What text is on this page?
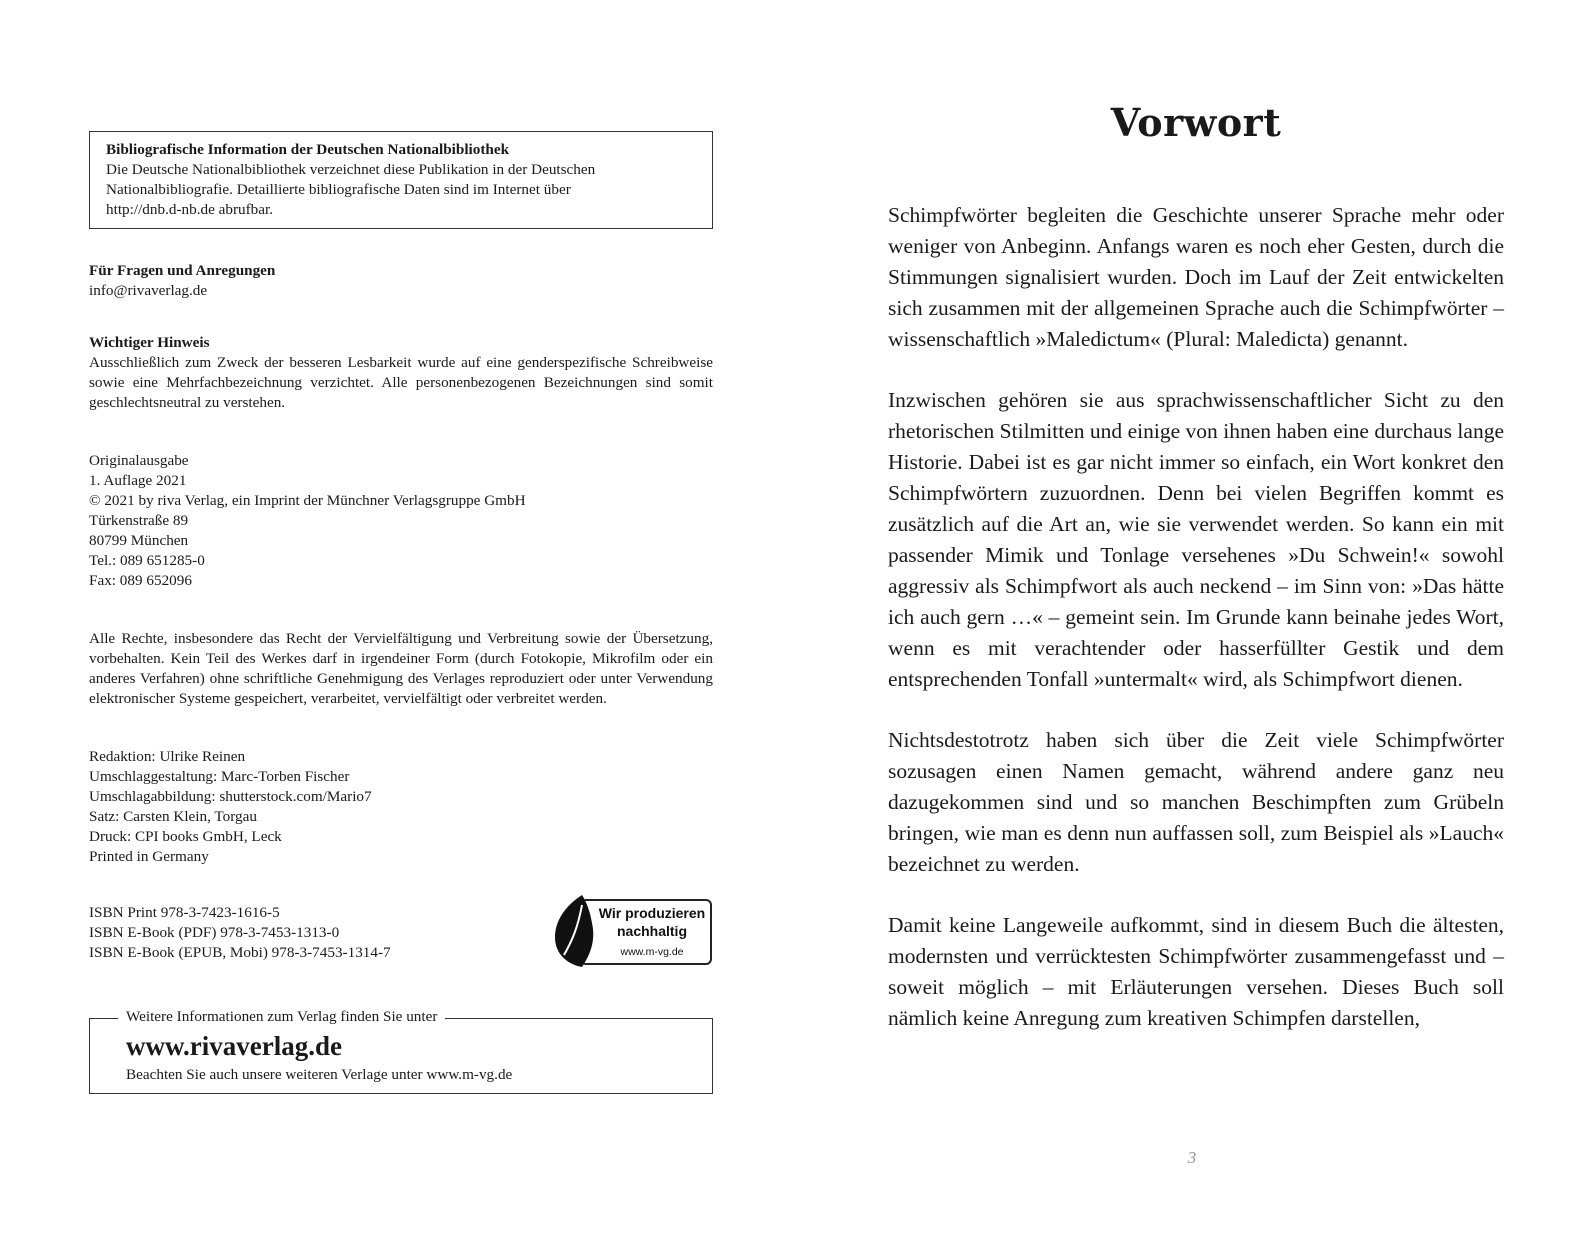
Bibliografische Information der Deutschen Nationalbibliothek

Die Deutsche Nationalbibliothek verzeichnet diese Publikation in der Deutschen

Nationalbibliografie. Detaillierte bibliografische Daten sind im Internet über

http://dnb.d-nb.de abrufbar.

Für Fragen und Anregungen

info@rivaverlag.de

Wichtiger Hinweis

Ausschließlich zum Zweck der besseren Lesbarkeit wurde auf eine genderspezifische Schreibweise sowie eine Mehrfachbezeichnung verzichtet. Alle personenbezogenen Bezeichnungen sind somit geschlechtsneutral zu verstehen.

Originalausgabe

1. Auflage 2021

© 2021 by riva Verlag, ein Imprint der Münchner Verlagsgruppe GmbH

Türkenstraße 89

80799 München

Tel.: 089 651285-0

Fax: 089 652096

Alle Rechte, insbesondere das Recht der Vervielfältigung und Verbreitung sowie der Übersetzung, vorbehalten. Kein Teil des Werkes darf in irgendeiner Form (durch Fotokopie, Mikrofilm oder ein anderes Verfahren) ohne schriftliche Genehmigung des Verlages reproduziert oder unter Verwendung elektronischer Systeme gespeichert, verarbeitet, vervielfältigt oder verbreitet werden.

Redaktion: Ulrike Reinen

Umschlaggestaltung: Marc-Torben Fischer

Umschlagabbildung: shutterstock.com/Mario7

Satz: Carsten Klein, Torgau

Druck: CPI books GmbH, Leck

Printed in Germany

ISBN Print 978-3-7423-1616-5

ISBN E-Book (PDF) 978-3-7453-1313-0

ISBN E-Book (EPUB, Mobi) 978-3-7453-1314-7

Wir produzieren
nachhaltig
www.m-vg.de
Weitere Informationen zum Verlag finden Sie unter
www.rivaverlag.de
Beachten Sie auch unsere weiteren Verlage unter www.m-vg.de
Vorwort

Schimpfwörter begleiten die Geschichte unserer Sprache mehr oder weniger von Anbeginn. Anfangs waren es noch eher Gesten, durch die Stimmungen signalisiert wurden. Doch im Lauf der Zeit entwickelten sich zusammen mit der allgemeinen Sprache auch die Schimpfwörter – wissenschaftlich »Maledictum« (Plural: Maledicta) genannt.

Inzwischen gehören sie aus sprachwissenschaftlicher Sicht zu den rhetorischen Stilmitten und einige von ihnen haben eine durchaus lange Historie. Dabei ist es gar nicht immer so einfach, ein Wort konkret den Schimpfwörtern zuzuordnen. Denn bei vielen Begriffen kommt es zusätzlich auf die Art an, wie sie verwendet werden. So kann ein mit passender Mimik und Tonlage versehenes »Du Schwein!« sowohl aggressiv als Schimpfwort als auch neckend – im Sinn von: »Das hätte ich auch gern …« – gemeint sein. Im Grunde kann beinahe jedes Wort, wenn es mit verachtender oder hasserfüllter Gestik und dem entsprechenden Tonfall »untermalt« wird, als Schimpfwort dienen.

Nichtsdestotrotz haben sich über die Zeit viele Schimpfwörter sozusagen einen Namen gemacht, während andere ganz neu dazugekommen sind und so manchen Beschimpften zum Grübeln bringen, wie man es denn nun auffassen soll, zum Beispiel als »Lauch« bezeichnet zu werden.

Damit keine Langeweile aufkommt, sind in diesem Buch die ältesten, modernsten und verrücktesten Schimpfwörter zusammengefasst und – soweit möglich – mit Erläuterungen versehen. Dieses Buch soll nämlich keine Anregung zum kreativen Schimpfen darstellen,

3
